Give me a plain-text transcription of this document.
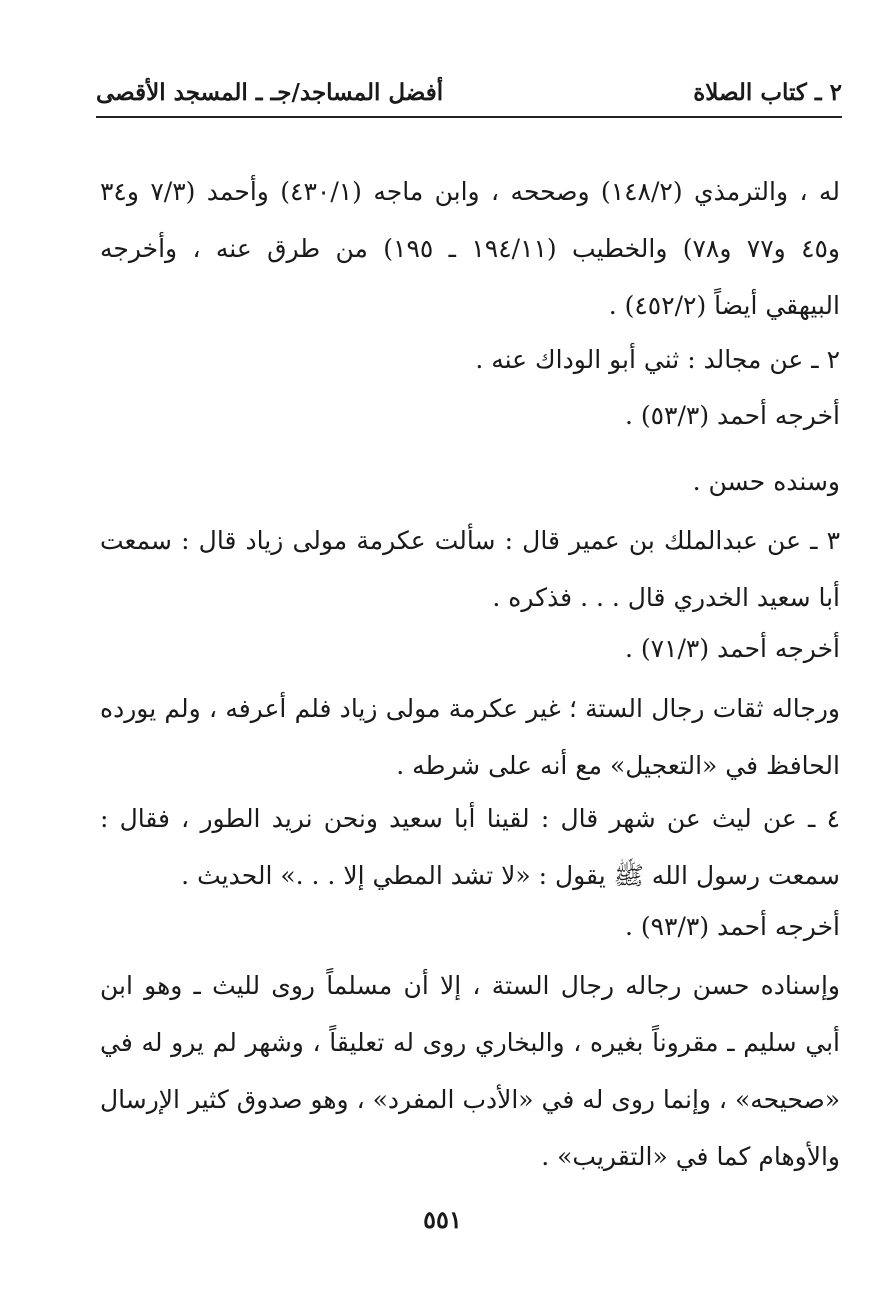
٢ ـ كتاب الصلاة
أفضل المساجد/جـ ـ المسجد الأقصى
له ، والترمذي (١٤٨/٢) وصححه ، وابن ماجه (٤٣٠/١) وأحمد (٧/٣ و٣٤ و٤٥ و٧٧ و٧٨) والخطيب (١٩٤/١١ ـ ١٩٥) من طرق عنه ، وأخرجه البيهقي أيضاً (٤٥٢/٢) .
٢ ـ عن مجالد : ثني أبو الوداك عنه .
أخرجه أحمد (٥٣/٣) .
وسنده حسن .
٣ ـ عن عبدالملك بن عمير قال : سألت عكرمة مولى زياد قال : سمعت أبا سعيد الخدري قال . . . فذكره .
أخرجه أحمد (٧١/٣) .
ورجاله ثقات رجال الستة ؛ غير عكرمة مولى زياد فلم أعرفه ، ولم يورده الحافظ في «التعجيل» مع أنه على شرطه .
٤ ـ عن ليث عن شهر قال : لقينا أبا سعيد ونحن نريد الطور ، فقال : سمعت رسول الله ﷺ يقول : «لا تشد المطي إلا . . .» الحديث .
أخرجه أحمد (٩٣/٣) .
وإسناده حسن رجاله رجال الستة ، إلا أن مسلماً روى لليث ـ وهو ابن أبي سليم ـ مقروناً بغيره ، والبخاري روى له تعليقاً ، وشهر لم يرو له في «صحيحه» ، وإنما روى له في «الأدب المفرد» ، وهو صدوق كثير الإرسال والأوهام كما في «التقريب» .
٥٥١
